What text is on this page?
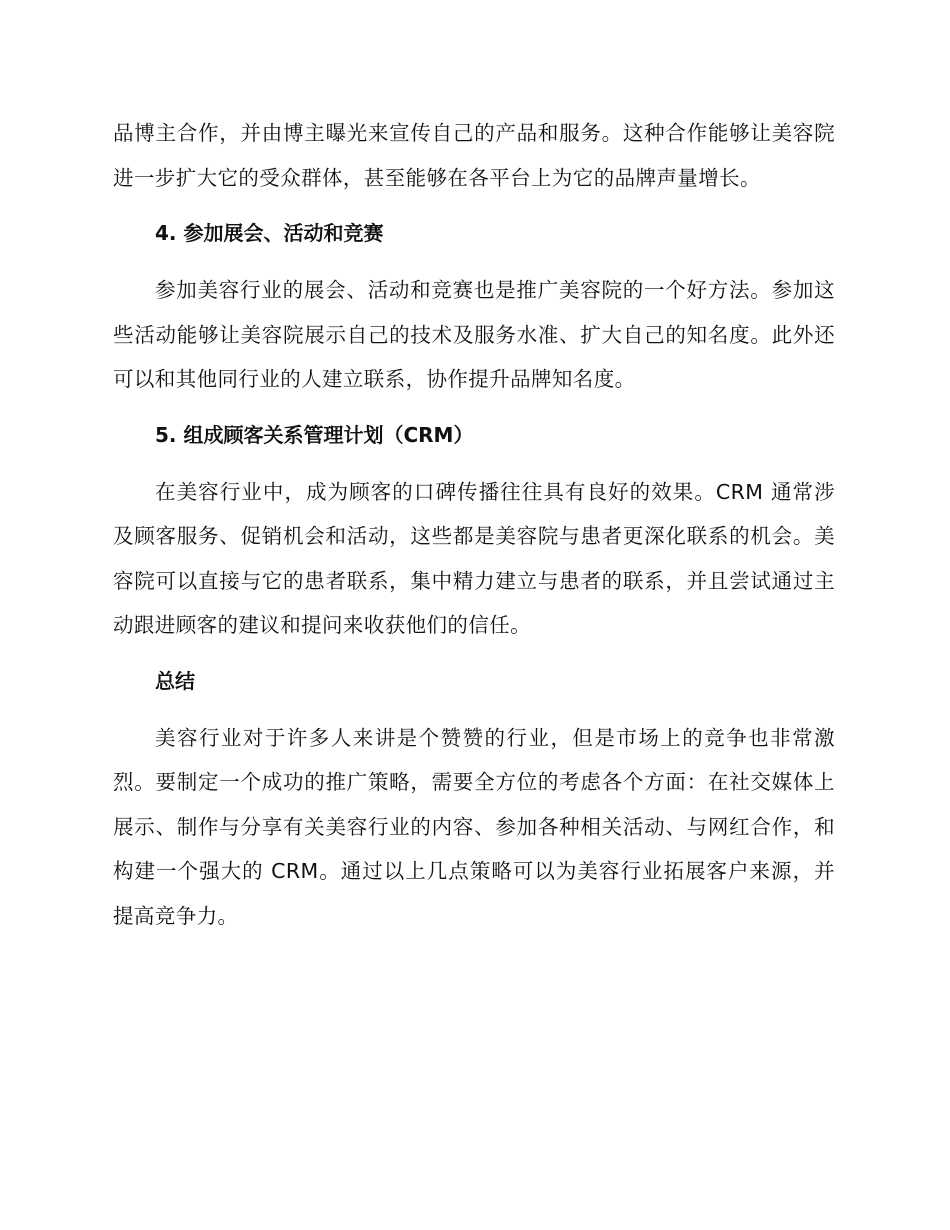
品博主合作，并由博主曝光来宣传自己的产品和服务。这种合作能够让美容院进一步扩大它的受众群体，甚至能够在各平台上为它的品牌声量增长。

4. 参加展会、活动和竞赛

参加美容行业的展会、活动和竞赛也是推广美容院的一个好方法。参加这些活动能够让美容院展示自己的技术及服务水准、扩大自己的知名度。此外还可以和其他同行业的人建立联系，协作提升品牌知名度。

5. 组成顾客关系管理计划（CRM）

在美容行业中，成为顾客的口碑传播往往具有良好的效果。CRM 通常涉及顾客服务、促销机会和活动，这些都是美容院与患者更深化联系的机会。美容院可以直接与它的患者联系，集中精力建立与患者的联系，并且尝试通过主动跟进顾客的建议和提问来收获他们的信任。

总结

美容行业对于许多人来讲是个赞赞的行业，但是市场上的竞争也非常激烈。要制定一个成功的推广策略，需要全方位的考虑各个方面：在社交媒体上展示、制作与分享有关美容行业的内容、参加各种相关活动、与网红合作，和构建一个强大的 CRM。通过以上几点策略可以为美容行业拓展客户来源，并提高竞争力。
